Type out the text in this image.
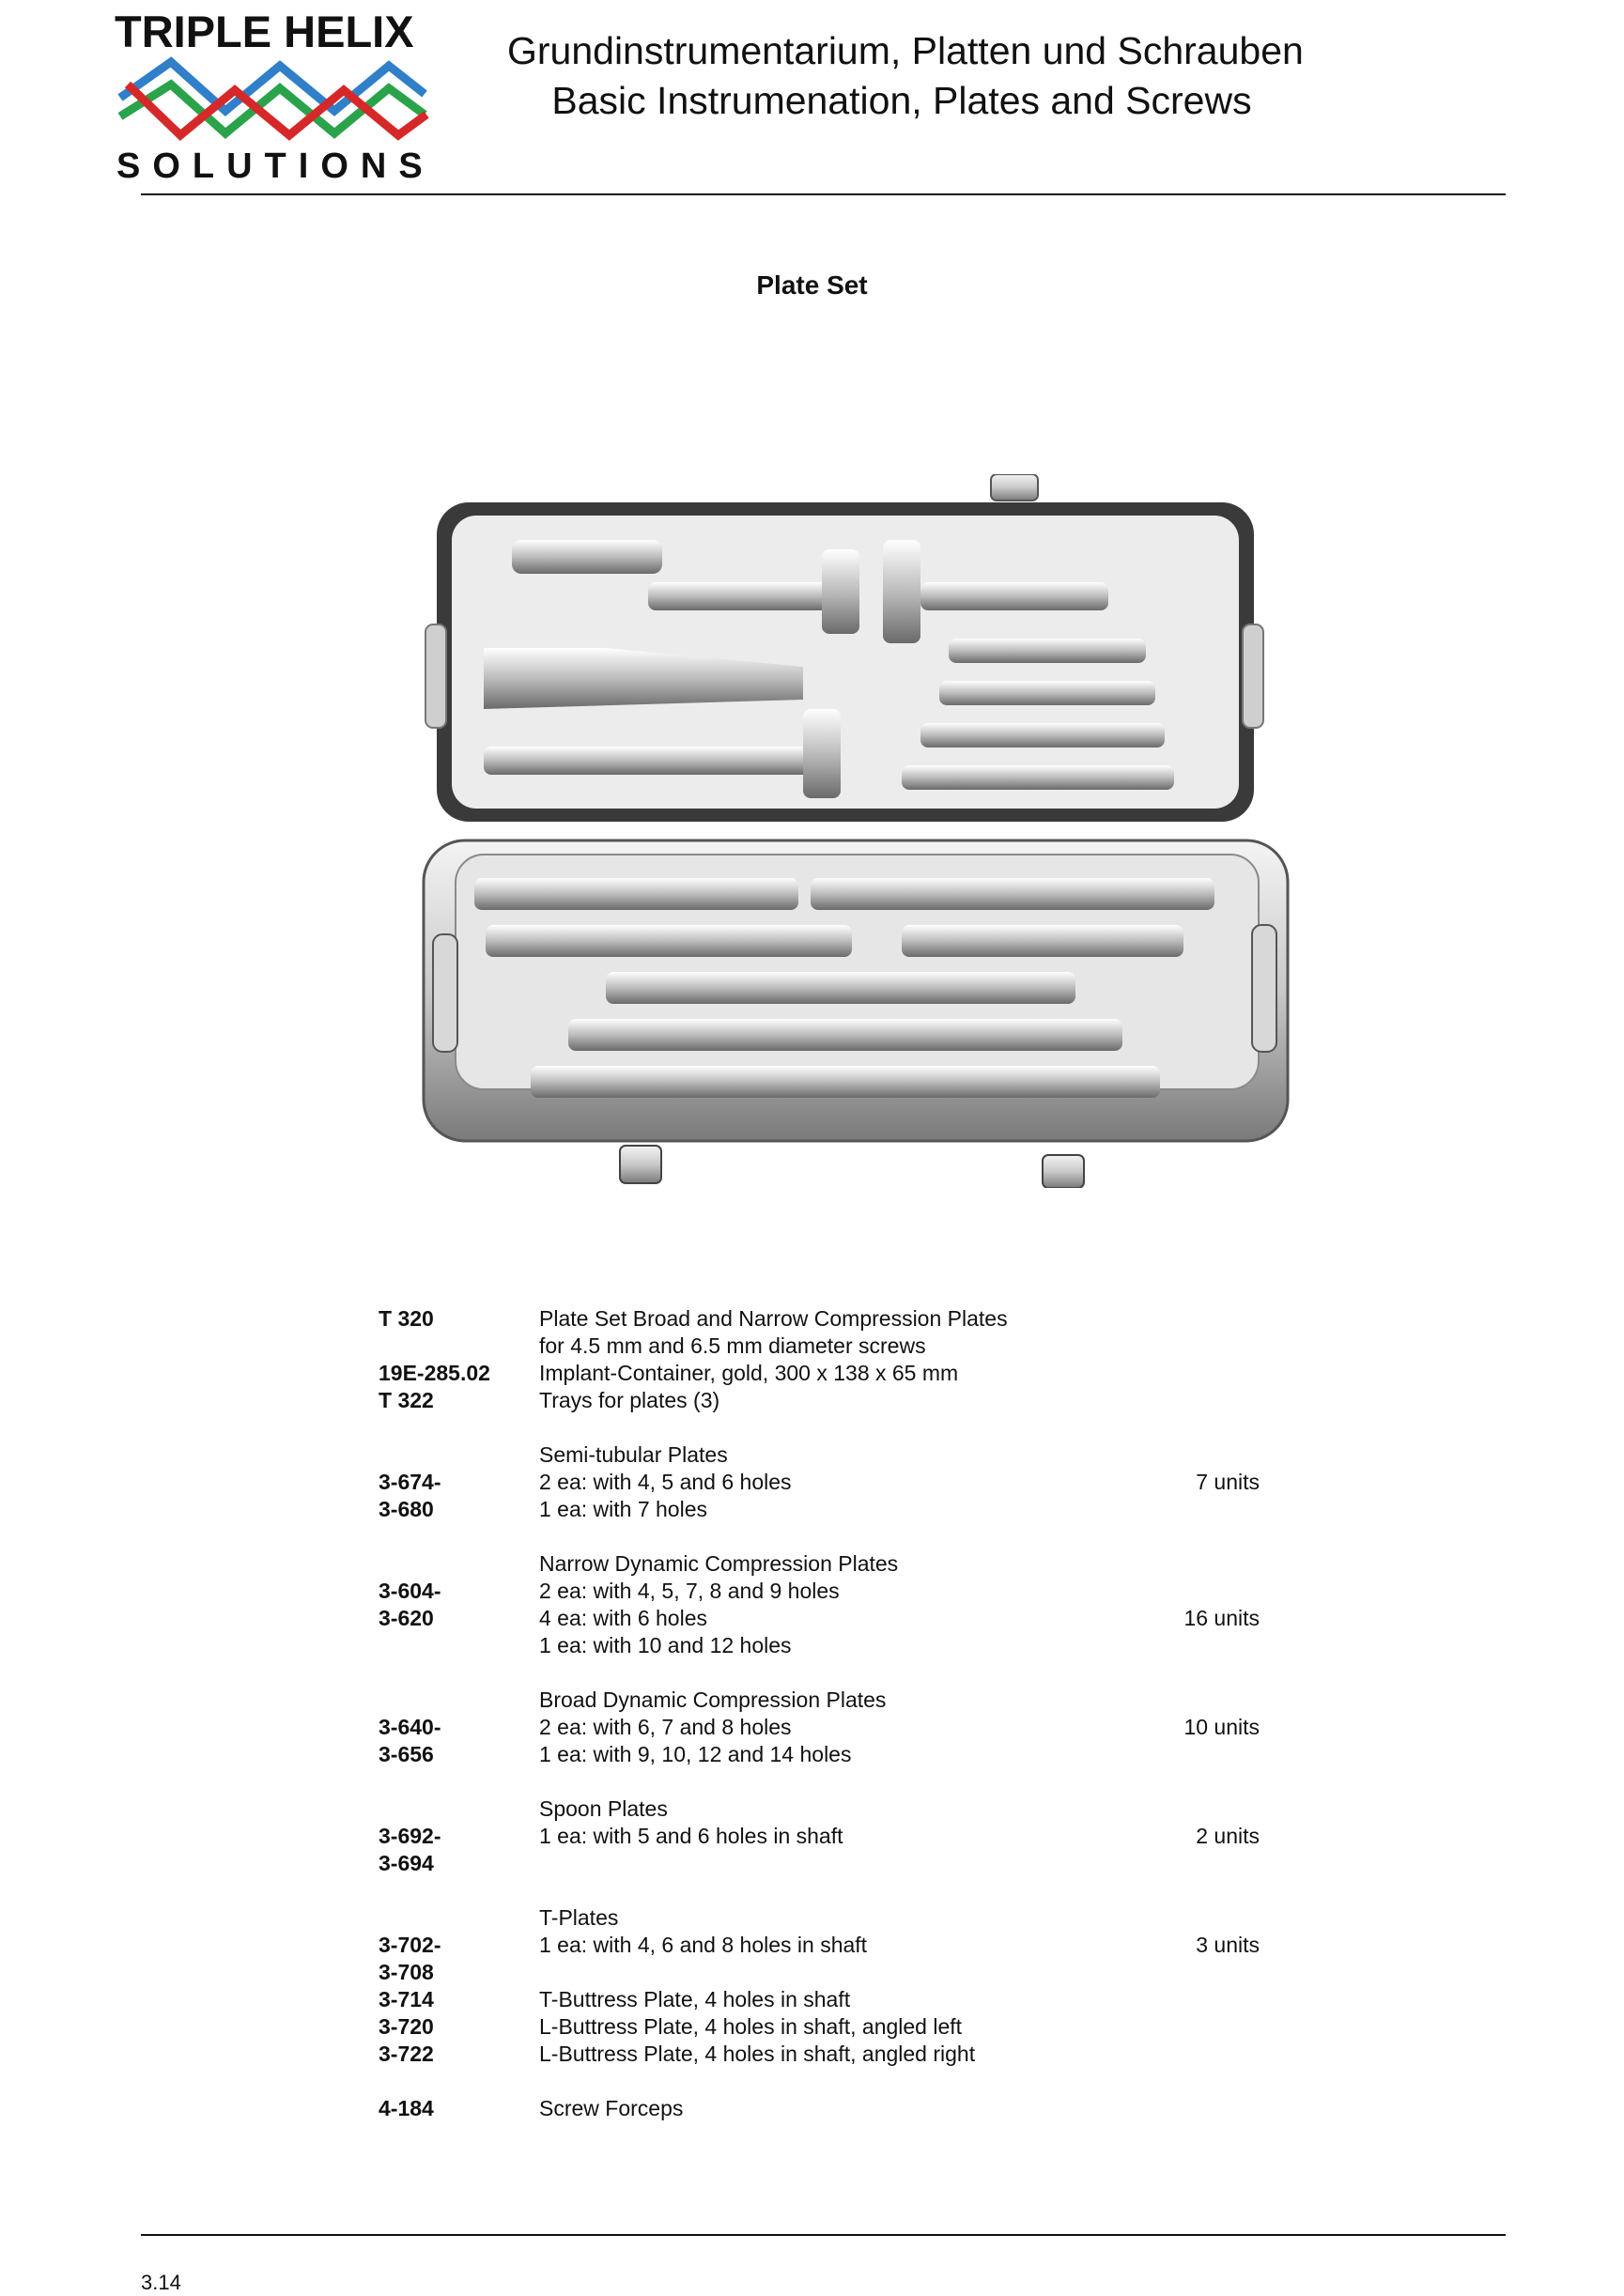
TRIPLE HELIX
SOLUTIONS
Grundinstrumentarium, Platten und Schrauben
Basic Instrumenation, Plates and Screws
Plate Set
T 320	Plate Set Broad and Narrow Compression Plates
for 4.5 mm and 6.5 mm diameter screws
19E-285.02 Implant-Container, gold, 300 x 138 x 65 mm
T 322	Trays for plates (3)
Semi-tubular Plates
3-674-	2 ea: with 4, 5 and 6 holes	7 units
3-680	1 ea: with 7 holes
Narrow Dynamic Compression Plates
3-604-	2 ea: with 4, 5, 7, 8 and 9 holes
3-620	4 ea: with 6 holes	16 units
1 ea: with 10 and 12 holes
Broad Dynamic Compression Plates
3-640-	2 ea: with 6, 7 and 8 holes	10 units
3-656	1 ea: with 9, 10, 12 and 14 holes
Spoon Plates
3-692-	1 ea: with 5 and 6 holes in shaft	2 units
3-694
T-Plates
3-702-	1 ea: with 4, 6 and 8 holes in shaft	3 units
3-708
3-714	T-Buttress Plate, 4 holes in shaft
3-720	L-Buttress Plate, 4 holes in shaft, angled left
3-722	L-Buttress Plate, 4 holes in shaft, angled right
4-184	Screw Forceps
3.14
